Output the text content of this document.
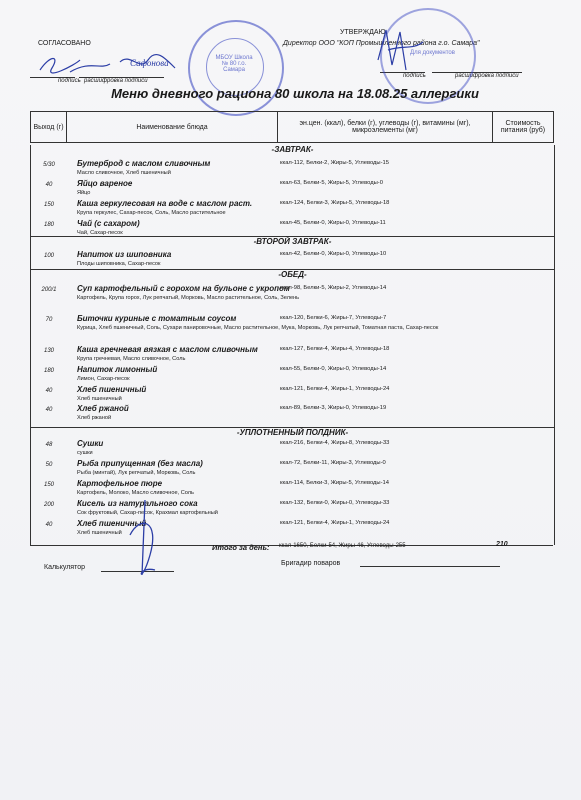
СОГЛАСОВАНО
подпись расшифровка подписи
Сафонова	МБОУ Школа № 80 г.о. Самара
УТВЕРЖДАЮ
Директор ООО "КОП Промышленного района г.о. Самара"
подпись	расшифровка подписи
Для документов
Меню дневного рациона 80 школа на 18.08.25 аллергики
Выход (г)	Наименование блюда	эн.цен. (ккал), белки (г), углеводы (г), витамины (мг), микроэлементы (мг)	Стоимость питания (руб)
-ЗАВТРАК-
5/30	Бутерброд с маслом сливочным
Масло сливочное, Хлеб пшеничный
ккал-112, Белки-2, Жиры-5, Углеводы-15
40	Яйцо вареное
Яйцо
ккал-63, Белки-5, Жиры-5, Углеводы-0
150	Каша геркулесовая на воде с маслом раст.
Крупа геркулес, Сахар-песок, Соль, Масло растительное
ккал-124, Белки-3, Жиры-5, Углеводы-18
180	Чай (с сахаром)
Чай, Сахар-песок
ккал-45, Белки-0, Жиры-0, Углеводы-11
-ВТОРОЙ ЗАВТРАК-
100	Напиток из шиповника
Плоды шиповника, Сахар-песок
ккал-42, Белки-0, Жиры-0, Углеводы-10
-ОБЕД-
200/1	Суп картофельный с горохом на бульоне с укропом
Картофель, Крупа горох, Лук репчатый, Морковь, Масло растительное, Соль, Зелень
ккал-98, Белки-5, Жиры-2, Углеводы-14
70	Биточки куриные с томатным соусом
Курица, Хлеб пшеничный, Соль, Сухари панировочные, Масло растительное, Мука, Морковь, Лук репчатый, Томатная паста, Сахар-песок
ккал-120, Белки-6, Жиры-7, Углеводы-7
130	Каша гречневая вязкая с маслом сливочным
Крупа гречневая, Масло сливочное, Соль
ккал-127, Белки-4, Жиры-4, Углеводы-18
180	Напиток лимонный
Лимон, Сахар-песок
ккал-55, Белки-0, Жиры-0, Углеводы-14
40	Хлеб пшеничный
Хлеб пшеничный
ккал-121, Белки-4, Жиры-1, Углеводы-24
40	Хлеб ржаной
Хлеб ржаной
ккал-89, Белки-3, Жиры-0, Углеводы-19
-УПЛОТНЕННЫЙ ПОЛДНИК-
48	Сушки
сушки
ккал-216, Белки-4, Жиры-8, Углеводы-33
50	Рыба припущенная (без масла)
Рыба (минтай), Лук репчатый, Морковь, Соль
ккал-72, Белки-11, Жиры-3, Углеводы-0
150	Картофельное пюре
Картофель, Молоко, Масло сливочное, Соль
ккал-114, Белки-3, Жиры-5, Углеводы-14
200	Кисель из натурального сока
Сок фруктовый, Сахар-песок, Крахмал картофельный
ккал-132, Белки-0, Жиры-0, Углеводы-33
40	Хлеб пшеничный
Хлеб пшеничный
ккал-121, Белки-4, Жиры-1, Углеводы-24
Итого за день: ккал-1650, Белки-54, Жиры-46, Углеводы-255	210
Калькулятор
Бригадир поваров
